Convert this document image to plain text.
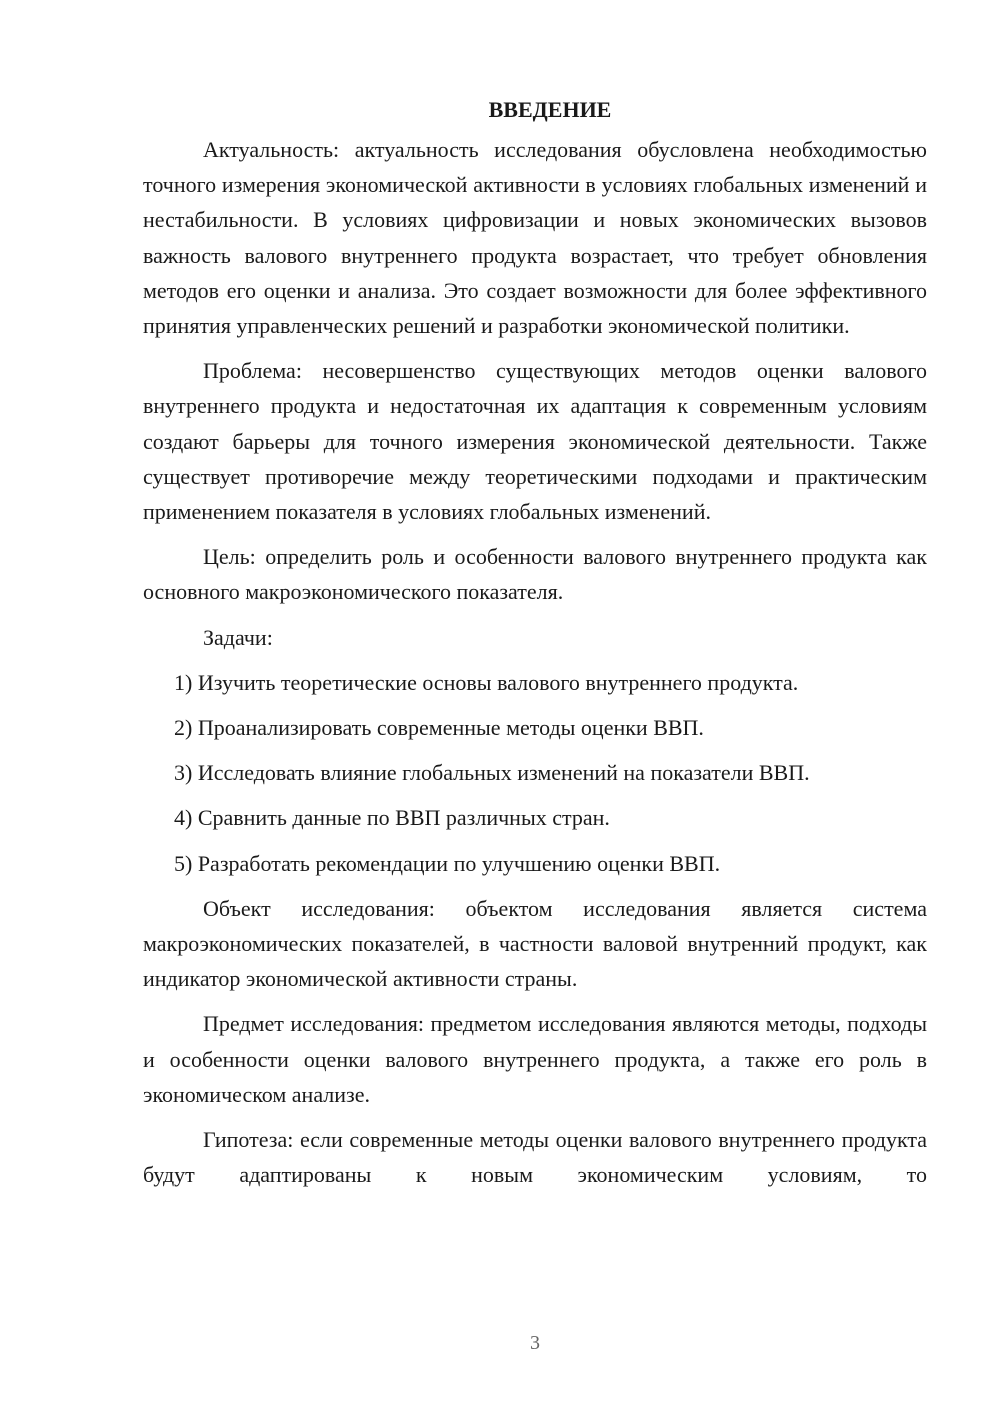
ВВЕДЕНИЕ

Актуальность: актуальность исследования обусловлена необходимостью точного измерения экономической активности в условиях глобальных изменений и нестабильности. В условиях цифровизации и новых экономических вызовов важность валового внутреннего продукта возрастает, что требует обновления методов его оценки и анализа. Это создает возможности для более эффективного принятия управленческих решений и разработки экономической политики.

Проблема: несовершенство существующих методов оценки валового внутреннего продукта и недостаточная их адаптация к современным условиям создают барьеры для точного измерения экономической деятельности. Также существует противоречие между теоретическими подходами и практическим применением показателя в условиях глобальных изменений.

Цель: определить роль и особенности валового внутреннего продукта как основного макроэкономического показателя.

Задачи:

1) Изучить теоретические основы валового внутреннего продукта.
2) Проанализировать современные методы оценки ВВП.
3) Исследовать влияние глобальных изменений на показатели ВВП.
4) Сравнить данные по ВВП различных стран.
5) Разработать рекомендации по улучшению оценки ВВП.

Объект исследования: объектом исследования является система макроэкономических показателей, в частности валовой внутренний продукт, как индикатор экономической активности страны.

Предмет исследования: предметом исследования являются методы, подходы и особенности оценки валового внутреннего продукта, а также его роль в экономическом анализе.

Гипотеза: если современные методы оценки валового внутреннего продукта будут адаптированы к новым экономическим условиям, то

3
